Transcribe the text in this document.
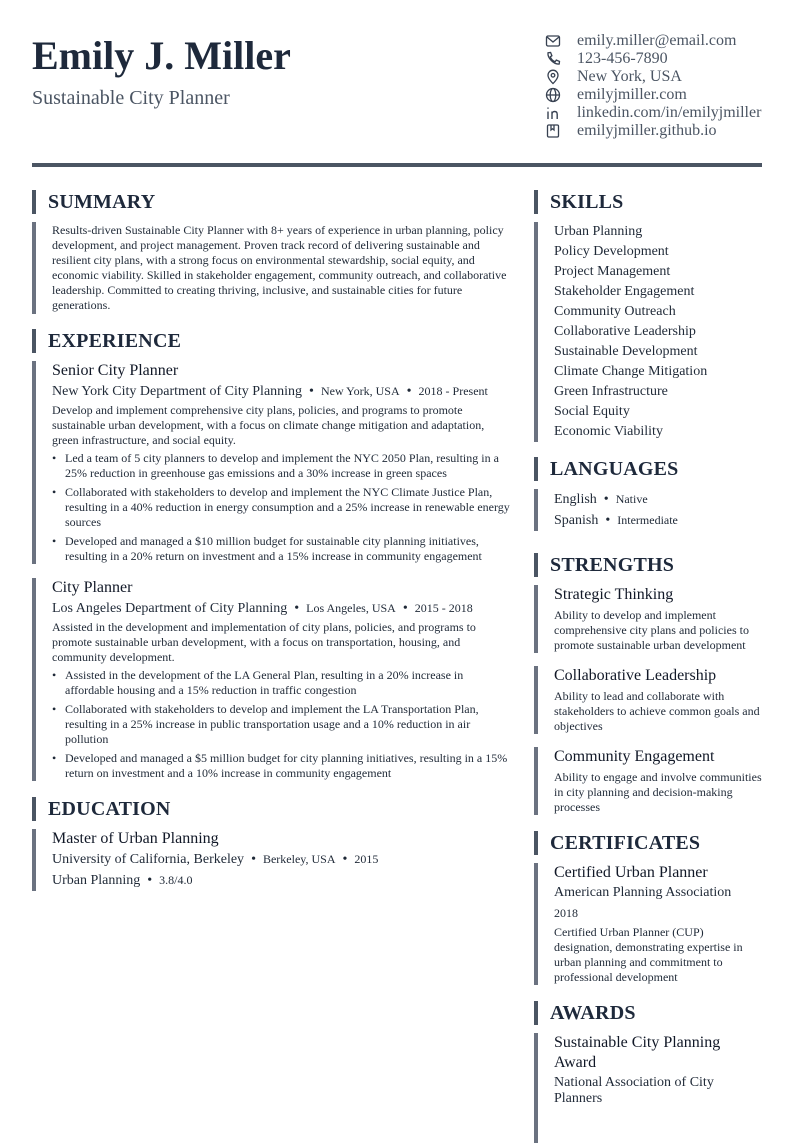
Emily J. Miller
Sustainable City Planner
emily.miller@email.com
123-456-7890
New York, USA
emilyjmiller.com
linkedin.com/in/emilyjmiller
emilyjmiller.github.io
SUMMARY
Results-driven Sustainable City Planner with 8+ years of experience in urban planning, policy development, and project management. Proven track record of delivering sustainable and resilient city plans, with a strong focus on environmental stewardship, social equity, and economic viability. Skilled in stakeholder engagement, community outreach, and collaborative leadership. Committed to creating thriving, inclusive, and sustainable cities for future generations.
EXPERIENCE
Senior City Planner
New York City Department of City Planning • New York, USA • 2018 - Present
Develop and implement comprehensive city plans, policies, and programs to promote sustainable urban development, with a focus on climate change mitigation and adaptation, green infrastructure, and social equity.
• Led a team of 5 city planners to develop and implement the NYC 2050 Plan, resulting in a 25% reduction in greenhouse gas emissions and a 30% increase in green spaces
• Collaborated with stakeholders to develop and implement the NYC Climate Justice Plan, resulting in a 40% reduction in energy consumption and a 25% increase in renewable energy sources
• Developed and managed a $10 million budget for sustainable city planning initiatives, resulting in a 20% return on investment and a 15% increase in community engagement
City Planner
Los Angeles Department of City Planning • Los Angeles, USA • 2015 - 2018
Assisted in the development and implementation of city plans, policies, and programs to promote sustainable urban development, with a focus on transportation, housing, and community development.
• Assisted in the development of the LA General Plan, resulting in a 20% increase in affordable housing and a 15% reduction in traffic congestion
• Collaborated with stakeholders to develop and implement the LA Transportation Plan, resulting in a 25% increase in public transportation usage and a 10% reduction in air pollution
• Developed and managed a $5 million budget for city planning initiatives, resulting in a 15% return on investment and a 10% increase in community engagement
EDUCATION
Master of Urban Planning
University of California, Berkeley • Berkeley, USA • 2015
Urban Planning • 3.8/4.0
SKILLS
Urban Planning
Policy Development
Project Management
Stakeholder Engagement
Community Outreach
Collaborative Leadership
Sustainable Development
Climate Change Mitigation
Green Infrastructure
Social Equity
Economic Viability
LANGUAGES
English • Native
Spanish • Intermediate
STRENGTHS
Strategic Thinking
Ability to develop and implement comprehensive city plans and policies to promote sustainable urban development
Collaborative Leadership
Ability to lead and collaborate with stakeholders to achieve common goals and objectives
Community Engagement
Ability to engage and involve communities in city planning and decision-making processes
CERTIFICATES
Certified Urban Planner
American Planning Association
2018
Certified Urban Planner (CUP) designation, demonstrating expertise in urban planning and commitment to professional development
AWARDS
Sustainable City Planning Award
National Association of City Planners
